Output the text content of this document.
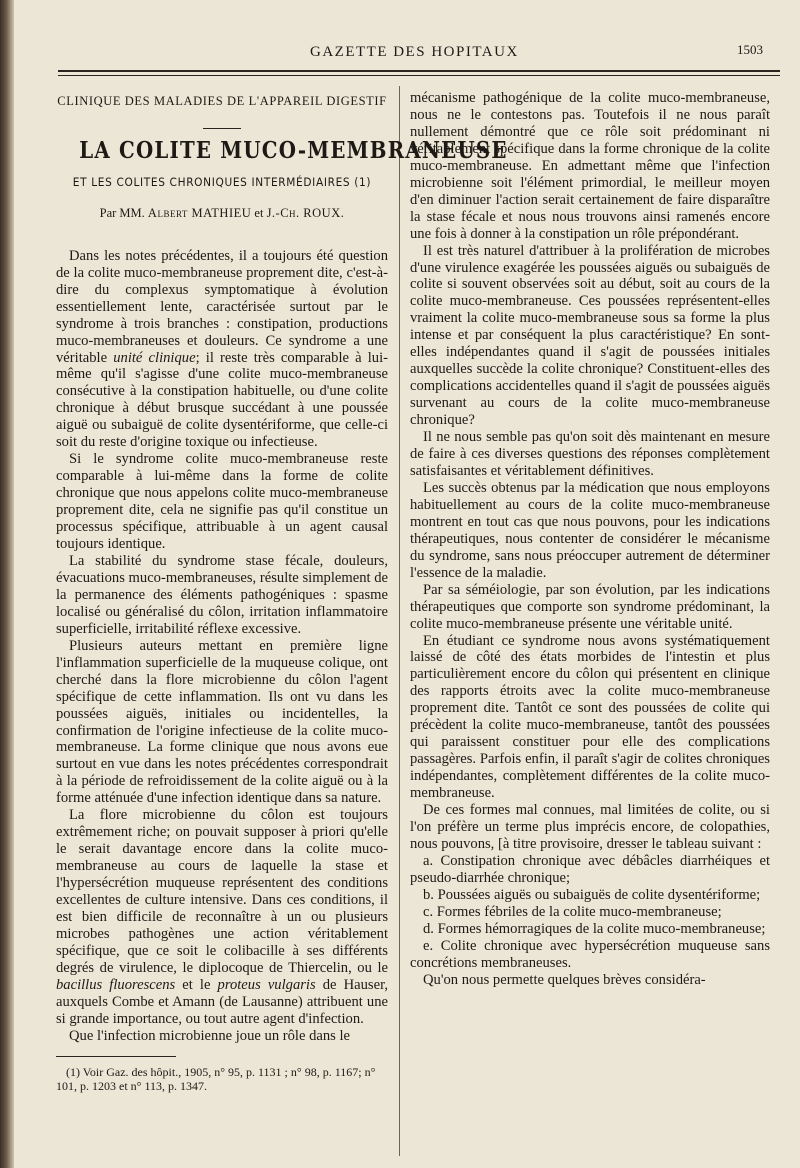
GAZETTE DES HOPITAUX	1503
CLINIQUE DES MALADIES DE L'APPAREIL DIGESTIF
LA COLITE MUCO-MEMBRANEUSE
ET LES COLITES CHRONIQUES INTERMÉDIAIRES (1)
Par MM. Albert MATHIEU et J.-Ch. ROUX.

Dans les notes précédentes, il a toujours été question de la colite muco-membraneuse proprement dite, c'est-à-dire du complexus symptomatique à évolution essentiellement lente, caractérisée surtout par le syndrome à trois branches : constipation, productions muco-membraneuses et douleurs. Ce syndrome a une véritable unité clinique; il reste très comparable à lui-même qu'il s'agisse d'une colite muco-membraneuse consécutive à la constipation habituelle, ou d'une colite chronique à début brusque succédant à une poussée aiguë ou subaiguë de colite dysentériforme, que celle-ci soit du reste d'origine toxique ou infectieuse.

Si le syndrome colite muco-membraneuse reste comparable à lui-même dans la forme de colite chronique que nous appelons colite muco-membraneuse proprement dite, cela ne signifie pas qu'il constitue un processus spécifique, attribuable à un agent causal toujours identique.

La stabilité du syndrome stase fécale, douleurs, évacuations muco-membraneuses, résulte simplement de la permanence des éléments pathogéniques : spasme localisé ou généralisé du côlon, irritation inflammatoire superficielle, irritabilité réflexe excessive.

Plusieurs auteurs mettant en première ligne l'inflammation superficielle de la muqueuse colique, ont cherché dans la flore microbienne du côlon l'agent spécifique de cette inflammation. Ils ont vu dans les poussées aiguës, initiales ou incidentelles, la confirmation de l'origine infectieuse de la colite muco-membraneuse. La forme clinique que nous avons eue surtout en vue dans les notes précédentes correspondrait à la période de refroidissement de la colite aiguë ou à la forme atténuée d'une infection identique dans sa nature.

La flore microbienne du côlon est toujours extrêmement riche; on pouvait supposer à priori qu'elle le serait davantage encore dans la colite muco-membraneuse au cours de laquelle la stase et l'hypersécrétion muqueuse représentent des conditions excellentes de culture intensive. Dans ces conditions, il est bien difficile de reconnaître à un ou plusieurs microbes pathogènes une action véritablement spécifique, que ce soit le colibacille à ses différents degrés de virulence, le diplocoque de Thiercelin, ou le bacillus fluorescens et le proteus vulgaris de Hauser, auxquels Combe et Amann (de Lausanne) attribuent une si grande importance, ou tout autre agent d'infection.

Que l'infection microbienne joue un rôle dans le

(1) Voir Gaz. des hôpit., 1905, n° 95, p. 1131 ; n° 98, p. 1167; n° 101, p. 1203 et n° 113, p. 1347.

mécanisme pathogénique de la colite muco-membraneuse, nous ne le contestons pas. Toutefois il ne nous paraît nullement démontré que ce rôle soit prédominant ni véritablement spécifique dans la forme chronique de la colite muco-membraneuse. En admettant même que l'infection microbienne soit l'élément primordial, le meilleur moyen d'en diminuer l'action serait certainement de faire disparaître la stase fécale et nous nous trouvons ainsi ramenés encore une fois à donner à la constipation un rôle prépondérant.

Il est très naturel d'attribuer à la prolifération de microbes d'une virulence exagérée les poussées aiguës ou subaiguës de colite si souvent observées soit au début, soit au cours de la colite muco-membraneuse. Ces poussées représentent-elles vraiment la colite muco-membraneuse sous sa forme la plus intense et par conséquent la plus caractéristique? En sont-elles indépendantes quand il s'agit de poussées initiales auxquelles succède la colite chronique? Constituent-elles des complications accidentelles quand il s'agit de poussées aiguës survenant au cours de la colite muco-membraneuse chronique?

Il ne nous semble pas qu'on soit dès maintenant en mesure de faire à ces diverses questions des réponses complètement satisfaisantes et véritablement définitives.

Les succès obtenus par la médication que nous employons habituellement au cours de la colite muco-membraneuse montrent en tout cas que nous pouvons, pour les indications thérapeutiques, nous contenter de considérer le mécanisme du syndrome, sans nous préoccuper autrement de déterminer l'essence de la maladie.

Par sa séméiologie, par son évolution, par les indications thérapeutiques que comporte son syndrome prédominant, la colite muco-membraneuse présente une véritable unité.

En étudiant ce syndrome nous avons systématiquement laissé de côté des états morbides de l'intestin et plus particulièrement encore du côlon qui présentent en clinique des rapports étroits avec la colite muco-membraneuse proprement dite. Tantôt ce sont des poussées de colite qui précèdent la colite muco-membraneuse, tantôt des poussées qui paraissent constituer pour elle des complications passagères. Parfois enfin, il paraît s'agir de colites chroniques indépendantes, complètement différentes de la colite muco-membraneuse.

De ces formes mal connues, mal limitées de colite, ou si l'on préfère un terme plus imprécis encore, de colopathies, nous pouvons, [à titre provisoire, dresser le tableau suivant :

a. Constipation chronique avec débâcles diarrhéiques et pseudo-diarrhée chronique;

b. Poussées aiguës ou subaiguës de colite dysentériforme;

c. Formes fébriles de la colite muco-membraneuse;

d. Formes hémorragiques de la colite muco-membraneuse;

e. Colite chronique avec hypersécrétion muqueuse sans concrétions membraneuses.

Qu'on nous permette quelques brèves considéra-
